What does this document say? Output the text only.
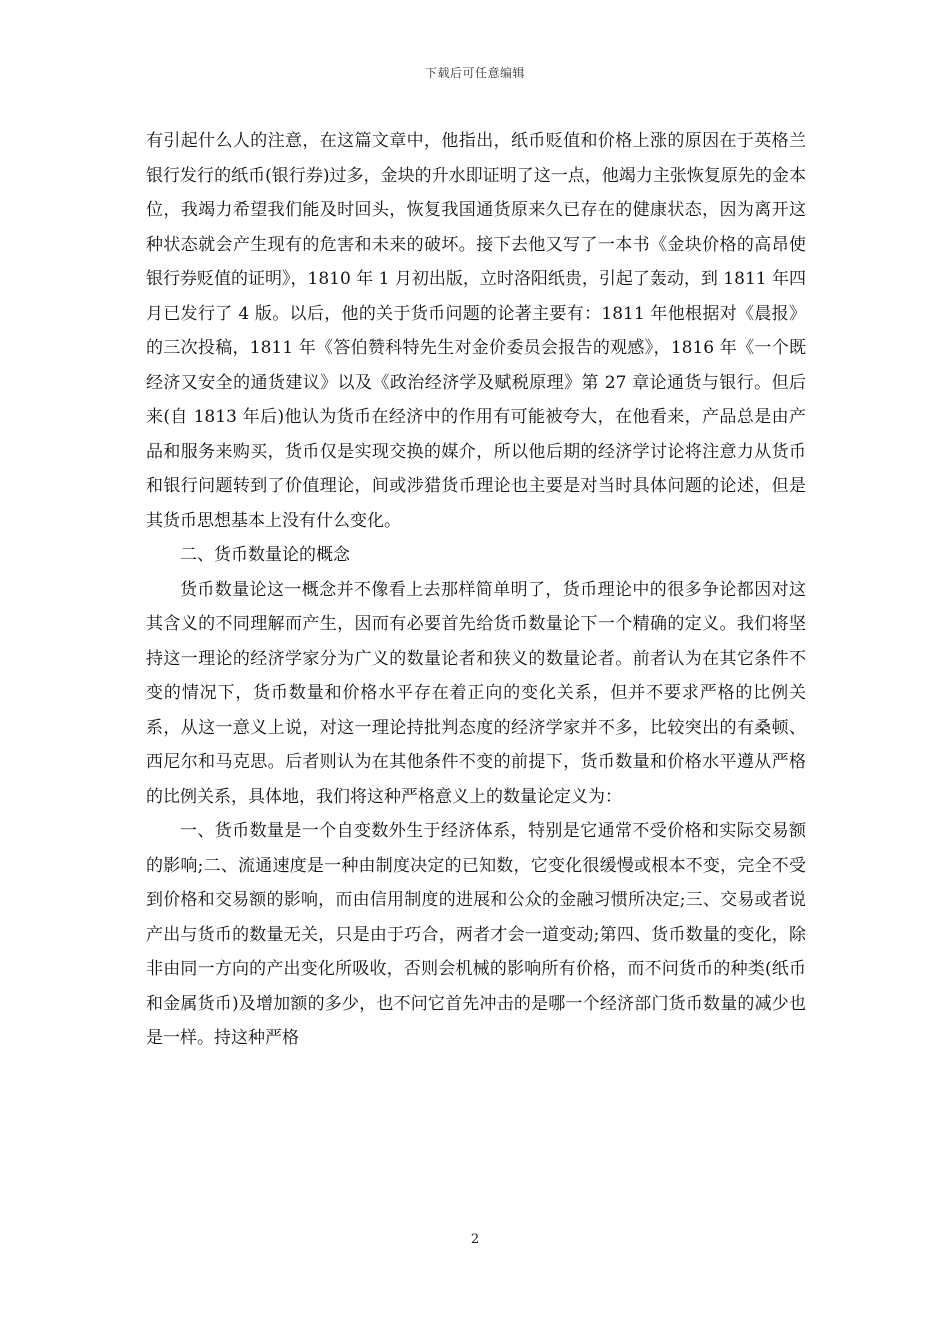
下载后可任意编辑

有引起什么人的注意，在这篇文章中，他指出，纸币贬值和价格上涨的原因在于英格兰银行发行的纸币(银行券)过多，金块的升水即证明了这一点，他竭力主张恢复原先的金本位，我竭力希望我们能及时回头，恢复我国通货原来久已存在的健康状态，因为离开这种状态就会产生现有的危害和未来的破坏。接下去他又写了一本书《金块价格的高昂使银行券贬值的证明》，1810 年 1 月初出版，立时洛阳纸贵，引起了轰动，到 1811 年四月已发行了 4 版。以后，他的关于货币问题的论著主要有：1811 年他根据对《晨报》的三次投稿，1811 年《答伯赞科特先生对金价委员会报告的观感》，1816 年《一个既经济又安全的通货建议》以及《政治经济学及赋税原理》第 27 章论通货与银行。但后来(自 1813 年后)他认为货币在经济中的作用有可能被夸大，在他看来，产品总是由产品和服务来购买，货币仅是实现交换的媒介，所以他后期的经济学讨论将注意力从货币和银行问题转到了价值理论，间或涉猎货币理论也主要是对当时具体问题的论述，但是其货币思想基本上没有什么变化。

二、货币数量论的概念

货币数量论这一概念并不像看上去那样简单明了，货币理论中的很多争论都因对这其含义的不同理解而产生，因而有必要首先给货币数量论下一个精确的定义。我们将坚持这一理论的经济学家分为广义的数量论者和狭义的数量论者。前者认为在其它条件不变的情况下，货币数量和价格水平存在着正向的变化关系，但并不要求严格的比例关系，从这一意义上说，对这一理论持批判态度的经济学家并不多，比较突出的有桑顿、西尼尔和马克思。后者则认为在其他条件不变的前提下，货币数量和价格水平遵从严格的比例关系，具体地，我们将这种严格意义上的数量论定义为：

一、货币数量是一个自变数外生于经济体系，特别是它通常不受价格和实际交易额的影响;二、流通速度是一种由制度决定的已知数，它变化很缓慢或根本不变，完全不受到价格和交易额的影响，而由信用制度的进展和公众的金融习惯所决定;三、交易或者说产出与货币的数量无关，只是由于巧合，两者才会一道变动;第四、货币数量的变化，除非由同一方向的产出变化所吸收，否则会机械的影响所有价格，而不问货币的种类(纸币和金属货币)及增加额的多少，也不问它首先冲击的是哪一个经济部门货币数量的减少也是一样。持这种严格

2
